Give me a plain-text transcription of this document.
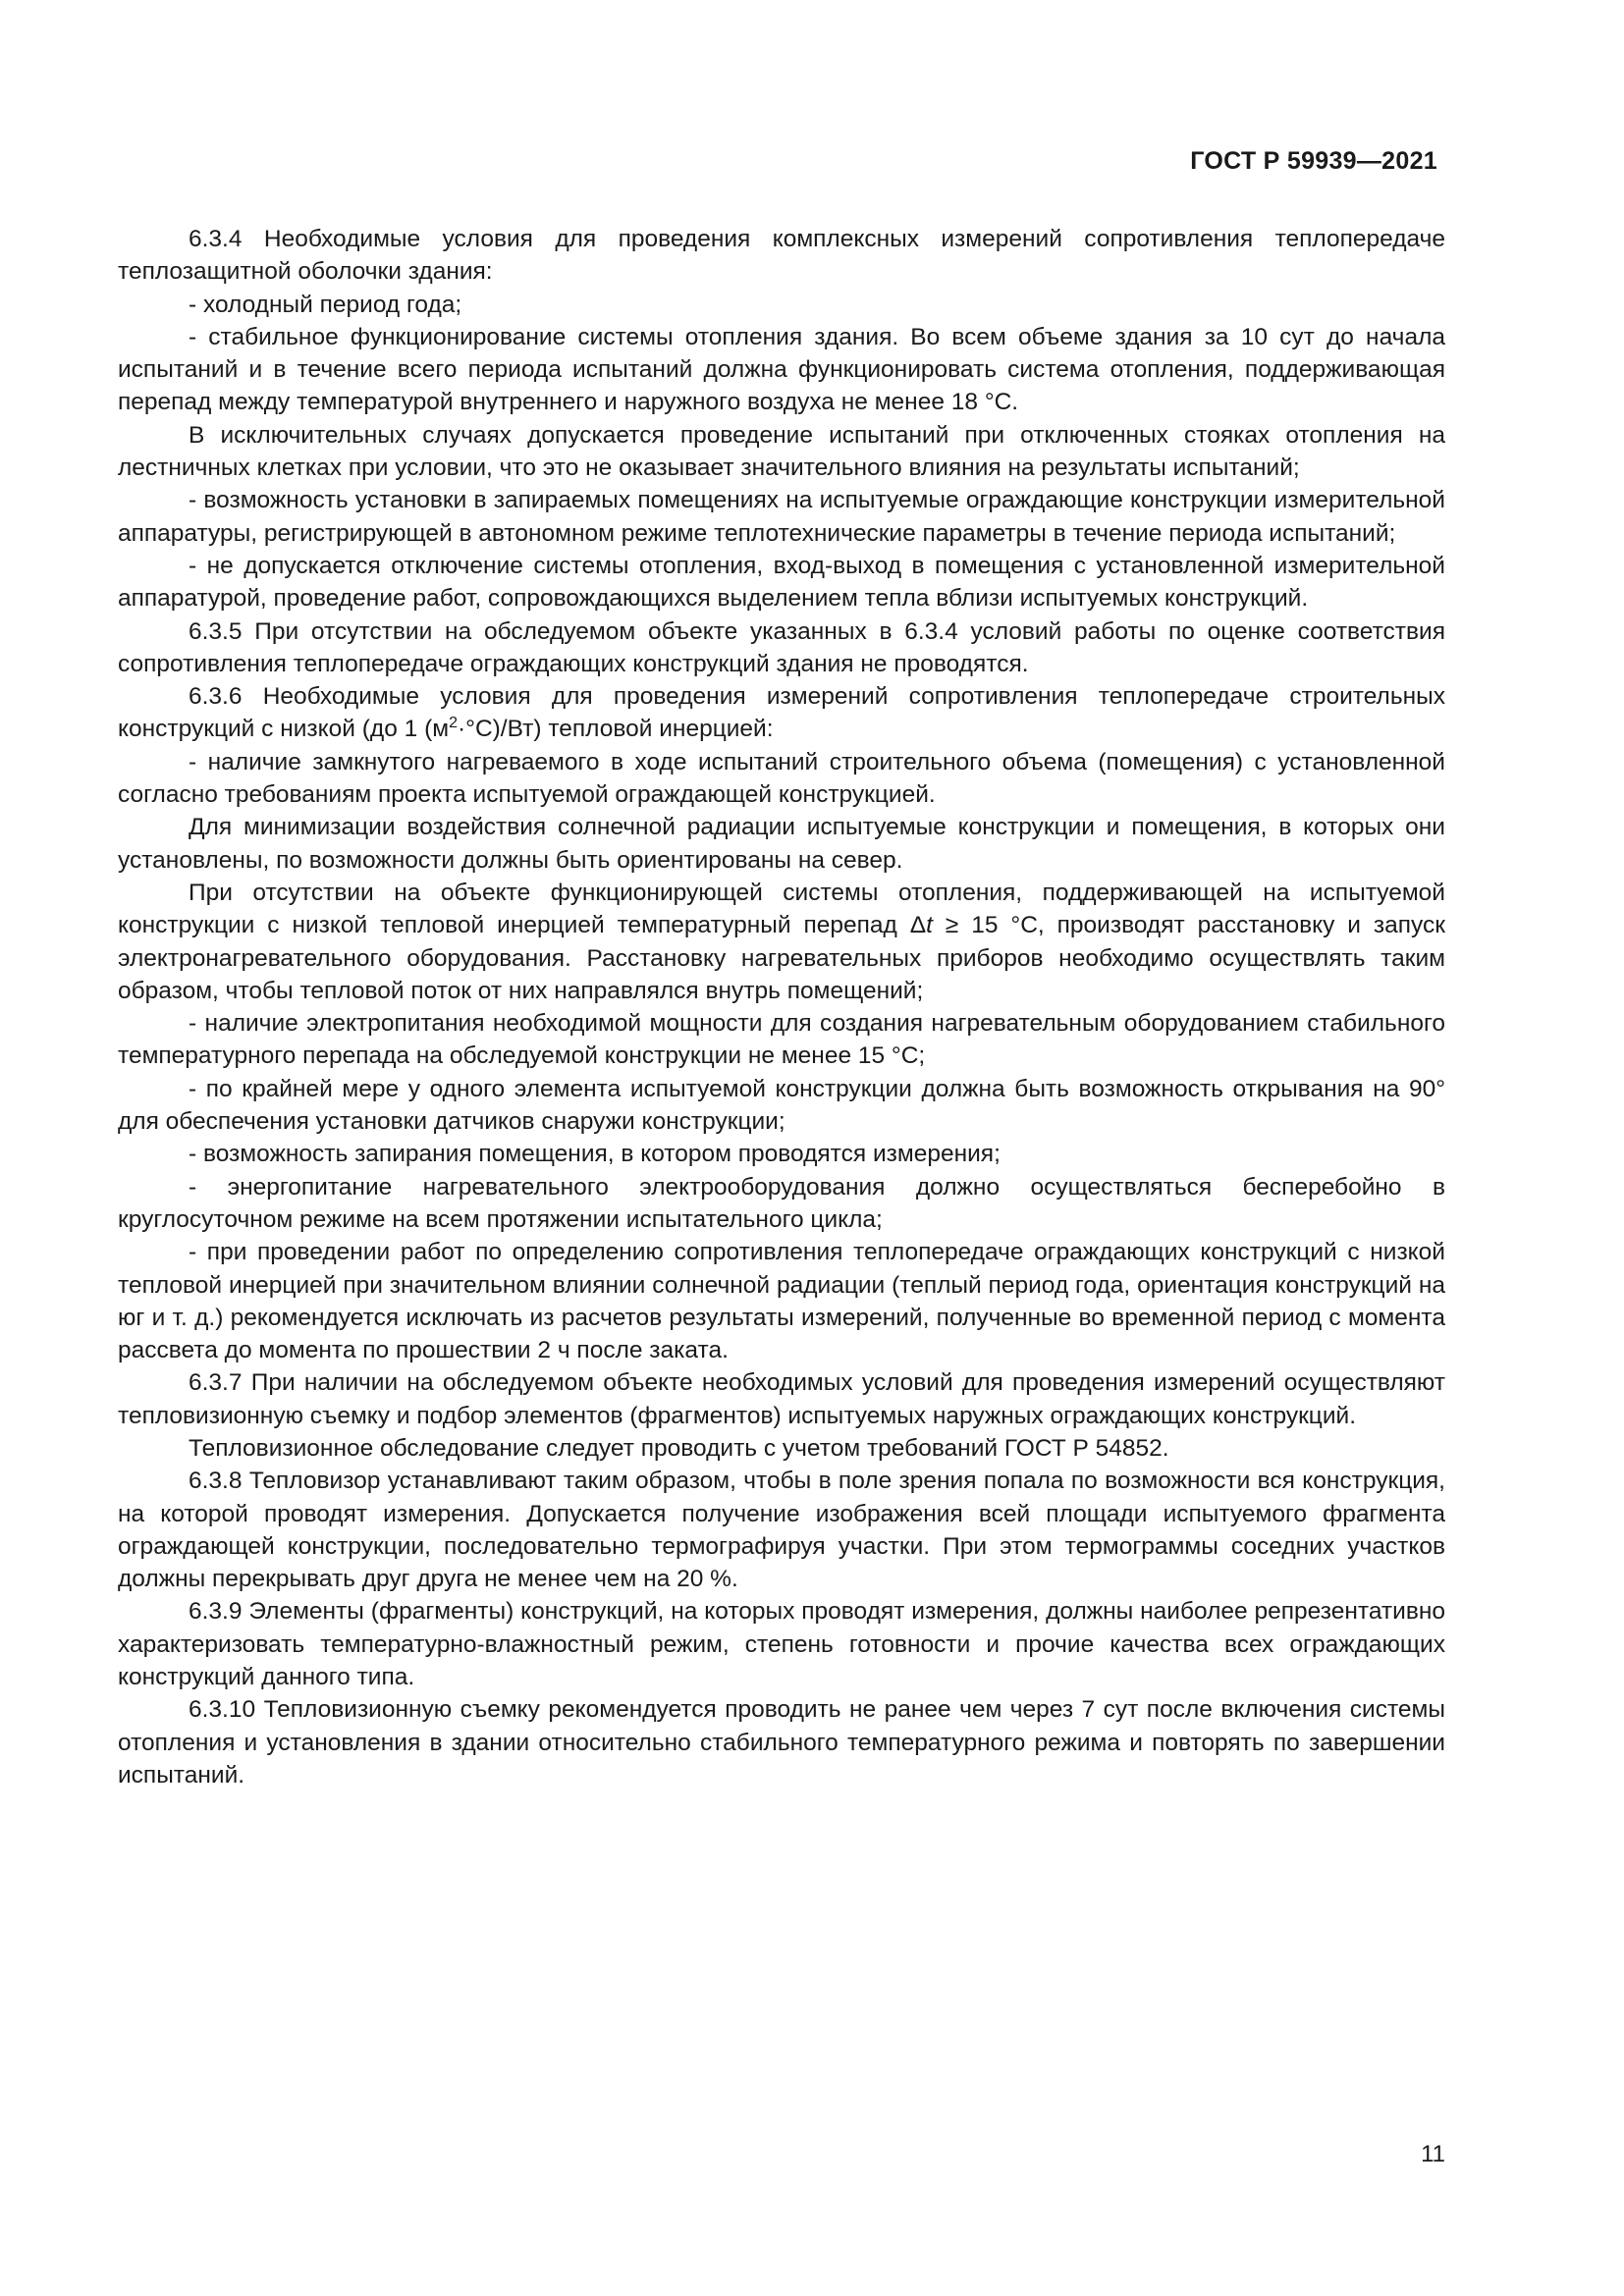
ГОСТ Р 59939—2021

6.3.4 Необходимые условия для проведения комплексных измерений сопротивления теплопередаче теплозащитной оболочки здания:

- холодный период года;

- стабильное функционирование системы отопления здания. Во всем объеме здания за 10 сут до начала испытаний и в течение всего периода испытаний должна функционировать система отопления, поддерживающая перепад между температурой внутреннего и наружного воздуха не менее 18 °С.

В исключительных случаях допускается проведение испытаний при отключенных стояках отопления на лестничных клетках при условии, что это не оказывает значительного влияния на результаты испытаний;

- возможность установки в запираемых помещениях на испытуемые ограждающие конструкции измерительной аппаратуры, регистрирующей в автономном режиме теплотехнические параметры в течение периода испытаний;

- не допускается отключение системы отопления, вход-выход в помещения с установленной измерительной аппаратурой, проведение работ, сопровождающихся выделением тепла вблизи испытуемых конструкций.

6.3.5 При отсутствии на обследуемом объекте указанных в 6.3.4 условий работы по оценке соответствия сопротивления теплопередаче ограждающих конструкций здания не проводятся.

6.3.6 Необходимые условия для проведения измерений сопротивления теплопередаче строительных конструкций с низкой (до 1 $(м^2\cdot^\circ С)/Вт$) тепловой инерцией:

- наличие замкнутого нагреваемого в ходе испытаний строительного объема (помещения) с установленной согласно требованиям проекта испытуемой ограждающей конструкцией.

Для минимизации воздействия солнечной радиации испытуемые конструкции и помещения, в которых они установлены, по возможности должны быть ориентированы на север.

При отсутствии на объекте функционирующей системы отопления, поддерживающей на испытуемой конструкции с низкой тепловой инерцией температурный перепад Δt ≥ 15 °С, производят расстановку и запуск электронагревательного оборудования. Расстановку нагревательных приборов необходимо осуществлять таким образом, чтобы тепловой поток от них направлялся внутрь помещений;

- наличие электропитания необходимой мощности для создания нагревательным оборудованием стабильного температурного перепада на обследуемой конструкции не менее 15 °С;

- по крайней мере у одного элемента испытуемой конструкции должна быть возможность открывания на 90° для обеспечения установки датчиков снаружи конструкции;

- возможность запирания помещения, в котором проводятся измерения;

- энергопитание нагревательного электрооборудования должно осуществляться бесперебойно в круглосуточном режиме на всем протяжении испытательного цикла;

- при проведении работ по определению сопротивления теплопередаче ограждающих конструкций с низкой тепловой инерцией при значительном влиянии солнечной радиации (теплый период года, ориентация конструкций на юг и т. д.) рекомендуется исключать из расчетов результаты измерений, полученные во временной период с момента рассвета до момента по прошествии 2 ч после заката.

6.3.7 При наличии на обследуемом объекте необходимых условий для проведения измерений осуществляют тепловизионную съемку и подбор элементов (фрагментов) испытуемых наружных ограждающих конструкций.

Тепловизионное обследование следует проводить с учетом требований ГОСТ Р 54852.

6.3.8 Тепловизор устанавливают таким образом, чтобы в поле зрения попала по возможности вся конструкция, на которой проводят измерения. Допускается получение изображения всей площади испытуемого фрагмента ограждающей конструкции, последовательно термографируя участки. При этом термограммы соседних участков должны перекрывать друг друга не менее чем на 20 %.

6.3.9 Элементы (фрагменты) конструкций, на которых проводят измерения, должны наиболее репрезентативно характеризовать температурно-влажностный режим, степень готовности и прочие качества всех ограждающих конструкций данного типа.

6.3.10 Тепловизионную съемку рекомендуется проводить не ранее чем через 7 сут после включения системы отопления и установления в здании относительно стабильного температурного режима и повторять по завершении испытаний.

11
